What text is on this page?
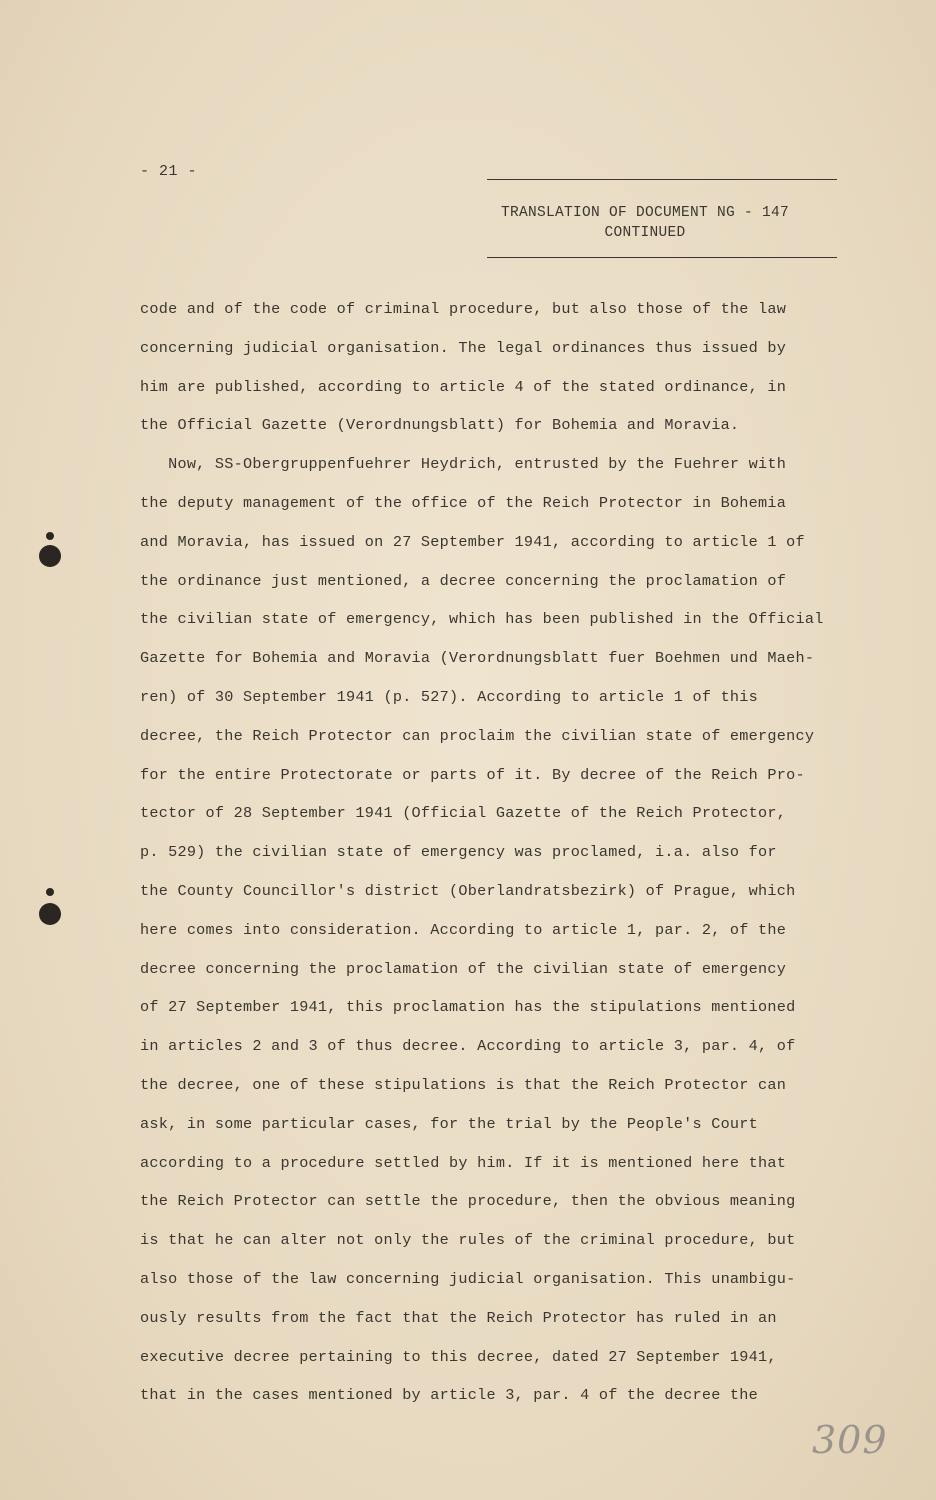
- 21 -
TRANSLATION OF DOCUMENT NG - 147
CONTINUED
code and of the code of criminal procedure, but also those of the law
concerning judicial organisation. The legal ordinances thus issued by
him are published, according to article 4 of the stated ordinance, in
the Official Gazette (Verordnungsblatt) for Bohemia and Moravia.
Now, SS-Obergruppenfuehrer Heydrich, entrusted by the Fuehrer with
the deputy management of the office of the Reich Protector in Bohemia
and Moravia, has issued on 27 September 1941, according to article 1 of
the ordinance just mentioned, a decree concerning the proclamation of
the civilian state of emergency, which has been published in the Official
Gazette for Bohemia and Moravia (Verordnungsblatt fuer Boehmen und Maeh-
ren) of 30 September 1941 (p. 527). According to article 1 of this
decree, the Reich Protector can proclaim the civilian state of emergency
for the entire Protectorate or parts of it. By decree of the Reich Pro-
tector of 28 September 1941 (Official Gazette of the Reich Protector,
p. 529) the civilian state of emergency was proclamed, i.a. also for
the County Councillor's district (Oberlandratsbezirk) of Prague, which
here comes into consideration. According to article 1, par. 2, of the
decree concerning the proclamation of the civilian state of emergency
of 27 September 1941, this proclamation has the stipulations mentioned
in articles 2 and 3 of thus decree. According to article 3, par. 4, of
the decree, one of these stipulations is that the Reich Protector can
ask, in some particular cases, for the trial by the People's Court
according to a procedure settled by him. If it is mentioned here that
the Reich Protector can settle the procedure, then the obvious meaning
is that he can alter not only the rules of the criminal procedure, but
also those of the law concerning judicial organisation. This unambigu-
ously results from the fact that the Reich Protector has ruled in an
executive decree pertaining to this decree, dated 27 September 1941,
that in the cases mentioned by article 3, par. 4 of the decree the
309
